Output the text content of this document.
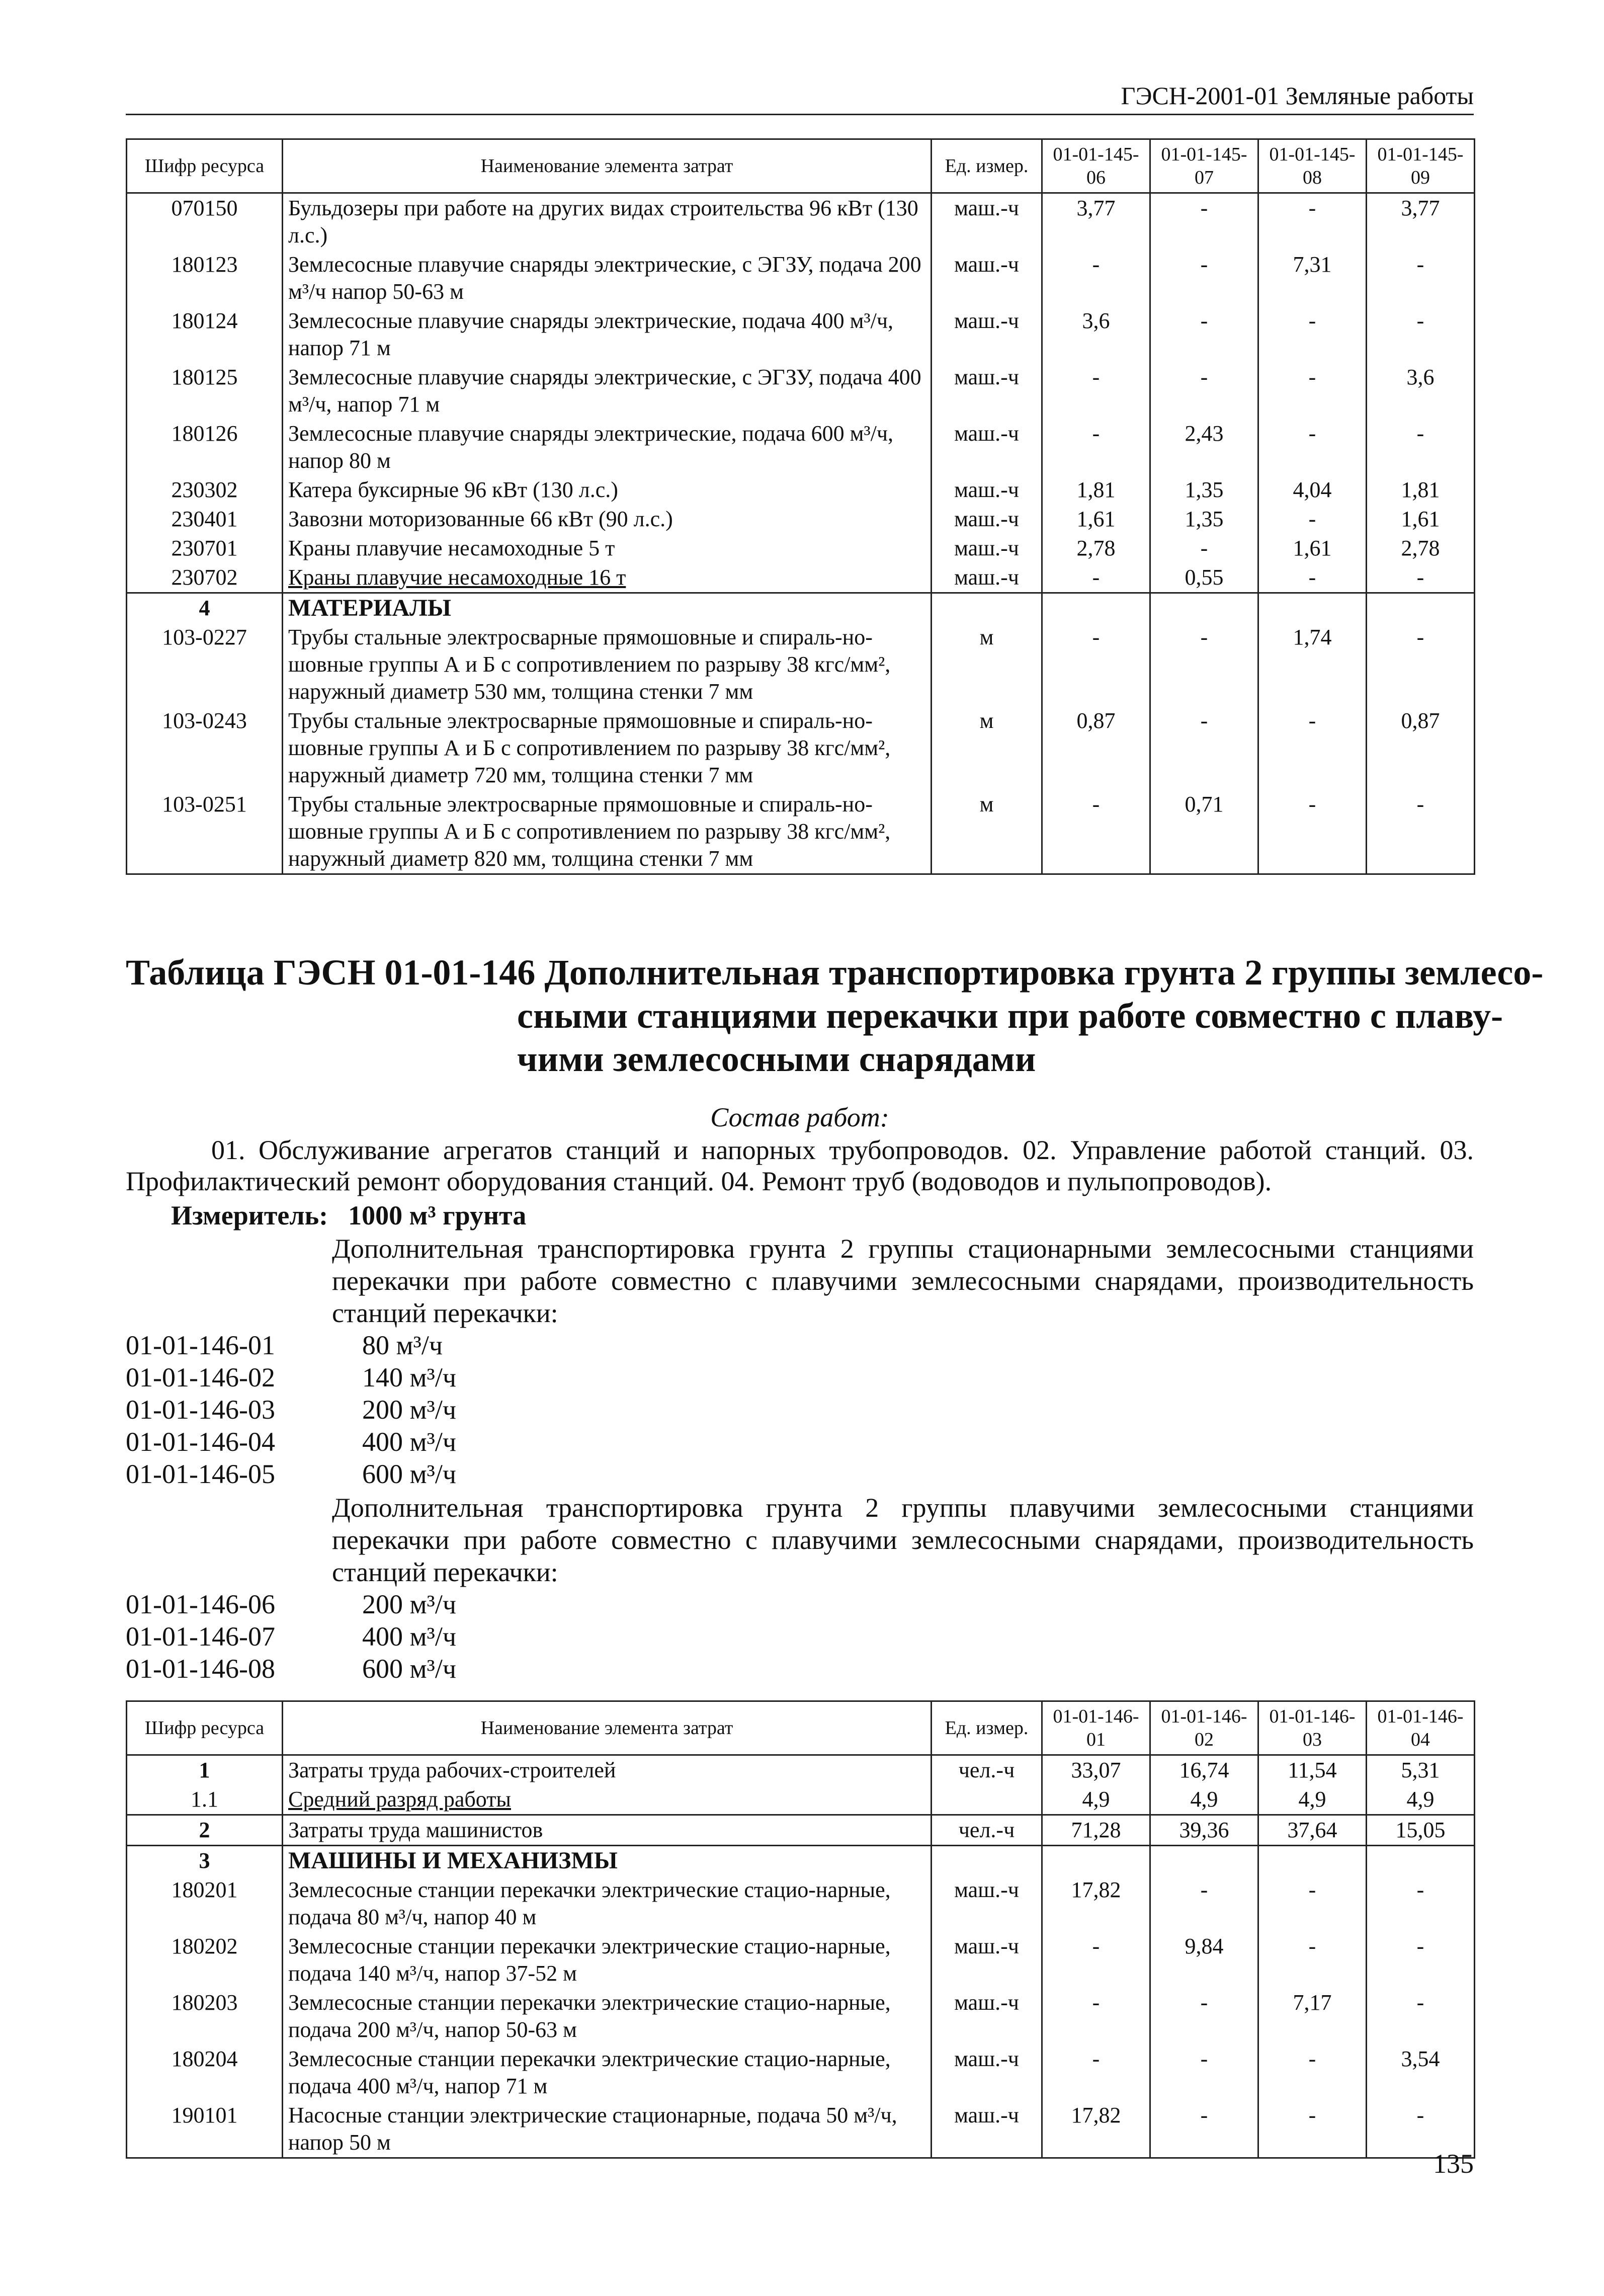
ГЭСН-2001-01 Земляные работы
Шифр ресурса	Наименование элемента затрат	Ед. измер.	01-01-145-06	01-01-145-07	01-01-145-08	01-01-145-09
070150	Бульдозеры при работе на других видах строительства 96 кВт (130 л.с.)	маш.-ч	3,77	-	-	3,77
180123	Землесосные плавучие снаряды электрические, с ЭГЗУ, подача 200 м³/ч напор 50-63 м	маш.-ч	-	-	7,31	-
180124	Землесосные плавучие снаряды электрические, подача 400 м³/ч, напор 71 м	маш.-ч	3,6	-	-	-
180125	Землесосные плавучие снаряды электрические, с ЭГЗУ, подача 400 м³/ч, напор 71 м	маш.-ч	-	-	-	3,6
180126	Землесосные плавучие снаряды электрические, подача 600 м³/ч, напор 80 м	маш.-ч	-	2,43	-	-
230302	Катера буксирные 96 кВт (130 л.с.)	маш.-ч	1,81	1,35	4,04	1,81
230401	Завозни моторизованные 66 кВт (90 л.с.)	маш.-ч	1,61	1,35	-	1,61
230701	Краны плавучие несамоходные 5 т	маш.-ч	2,78	-	1,61	2,78
230702	Краны плавучие несамоходные 16 т	маш.-ч	-	0,55	-	-
4	МАТЕРИАЛЫ					
103-0227	Трубы стальные электросварные прямошовные и спираль-но-шовные группы А и Б с сопротивлением по разрыву 38 кгс/мм², наружный диаметр 530 мм, толщина стенки 7 мм	м	-	-	1,74	-
103-0243	Трубы стальные электросварные прямошовные и спираль-но-шовные группы А и Б с сопротивлением по разрыву 38 кгс/мм², наружный диаметр 720 мм, толщина стенки 7 мм	м	0,87	-	-	0,87
103-0251	Трубы стальные электросварные прямошовные и спираль-но-шовные группы А и Б с сопротивлением по разрыву 38 кгс/мм², наружный диаметр 820 мм, толщина стенки 7 мм	м	-	0,71	-	-
Таблица ГЭСН 01-01-146 Дополнительная транспортировка грунта 2 группы землесо-
сными станциями перекачки при работе совместно с плаву-
чими землесосными снарядами
Состав работ:
01. Обслуживание агрегатов станций и напорных трубопроводов. 02. Управление работой станций. 03. Профилактический ремонт оборудования станций. 04. Ремонт труб (водоводов и пульпопроводов).
Измеритель: 1000 м³ грунта
Дополнительная транспортировка грунта 2 группы стационарными землесосными станциями перекачки при работе совместно с плавучими землесосными снарядами, производительность станций перекачки:
01-01-146-01	80 м³/ч
01-01-146-02	140 м³/ч
01-01-146-03	200 м³/ч
01-01-146-04	400 м³/ч
01-01-146-05	600 м³/ч
Дополнительная транспортировка грунта 2 группы плавучими землесосными станциями перекачки при работе совместно с плавучими землесосными снарядами, производительность станций перекачки:
01-01-146-06	200 м³/ч
01-01-146-07	400 м³/ч
01-01-146-08	600 м³/ч
Шифр ресурса	Наименование элемента затрат	Ед. измер.	01-01-146-01	01-01-146-02	01-01-146-03	01-01-146-04
1	Затраты труда рабочих-строителей	чел.-ч	33,07	16,74	11,54	5,31
1.1	Средний разряд работы		4,9	4,9	4,9	4,9
2	Затраты труда машинистов	чел.-ч	71,28	39,36	37,64	15,05
3	МАШИНЫ И МЕХАНИЗМЫ					
180201	Землесосные станции перекачки электрические стацио-нарные, подача 80 м³/ч, напор 40 м	маш.-ч	17,82	-	-	-
180202	Землесосные станции перекачки электрические стацио-нарные, подача 140 м³/ч, напор 37-52 м	маш.-ч	-	9,84	-	-
180203	Землесосные станции перекачки электрические стацио-нарные, подача 200 м³/ч, напор 50-63 м	маш.-ч	-	-	7,17	-
180204	Землесосные станции перекачки электрические стацио-нарные, подача 400 м³/ч, напор 71 м	маш.-ч	-	-	-	3,54
190101	Насосные станции электрические стационарные, подача 50 м³/ч, напор 50 м	маш.-ч	17,82	-	-	-
135
